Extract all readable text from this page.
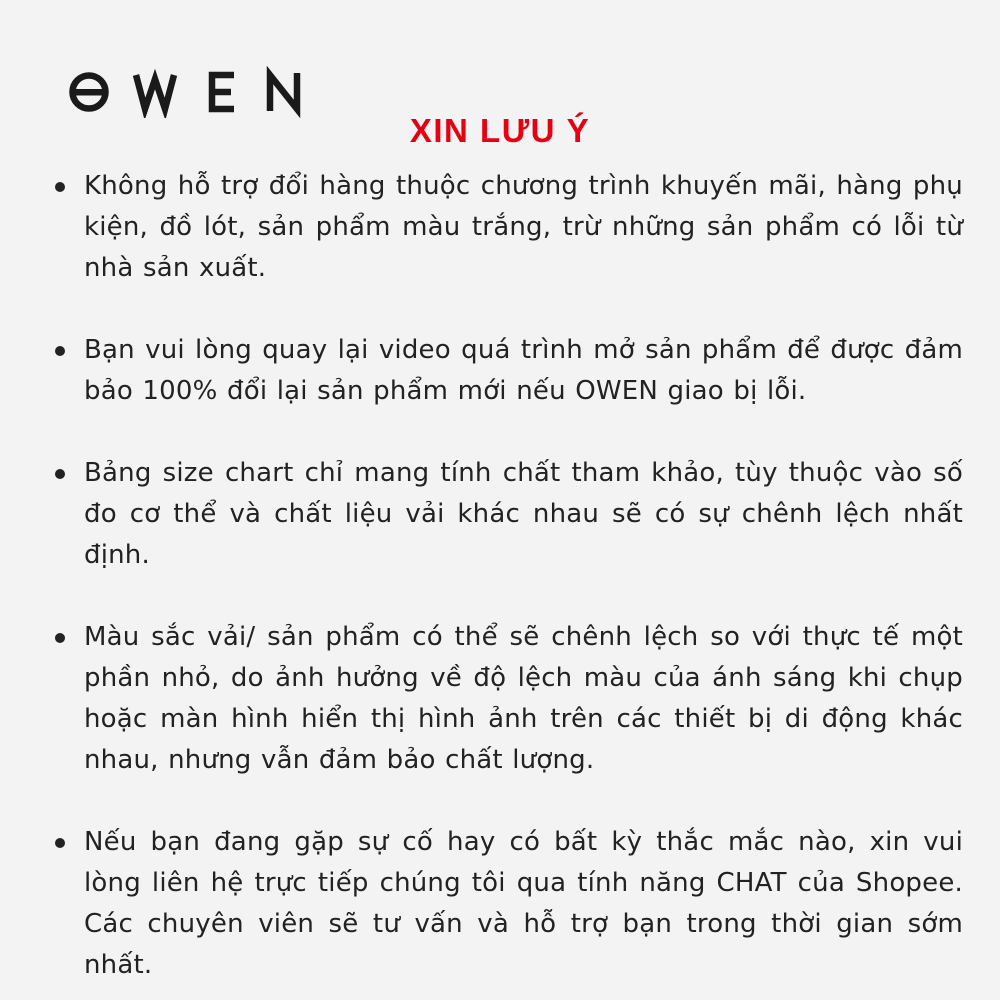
XIN LƯU Ý
Không hỗ trợ đổi hàng thuộc chương trình khuyến mãi, hàng phụ kiện, đồ lót, sản phẩm màu trắng, trừ những sản phẩm có lỗi từ nhà sản xuất.
Bạn vui lòng quay lại video quá trình mở sản phẩm để được đảm bảo 100% đổi lại sản phẩm mới nếu OWEN giao bị lỗi.
Bảng size chart chỉ mang tính chất tham khảo, tùy thuộc vào số đo cơ thể và chất liệu vải khác nhau sẽ có sự chênh lệch nhất định.
Màu sắc vải/ sản phẩm có thể sẽ chênh lệch so với thực tế một phần nhỏ, do ảnh hưởng về độ lệch màu của ánh sáng khi chụp hoặc màn hình hiển thị hình ảnh trên các thiết bị di động khác nhau, nhưng vẫn đảm bảo chất lượng.
Nếu bạn đang gặp sự cố hay có bất kỳ thắc mắc nào, xin vui lòng liên hệ trực tiếp chúng tôi qua tính năng CHAT của Shopee. Các chuyên viên sẽ tư vấn và hỗ trợ bạn trong thời gian sớm nhất.
